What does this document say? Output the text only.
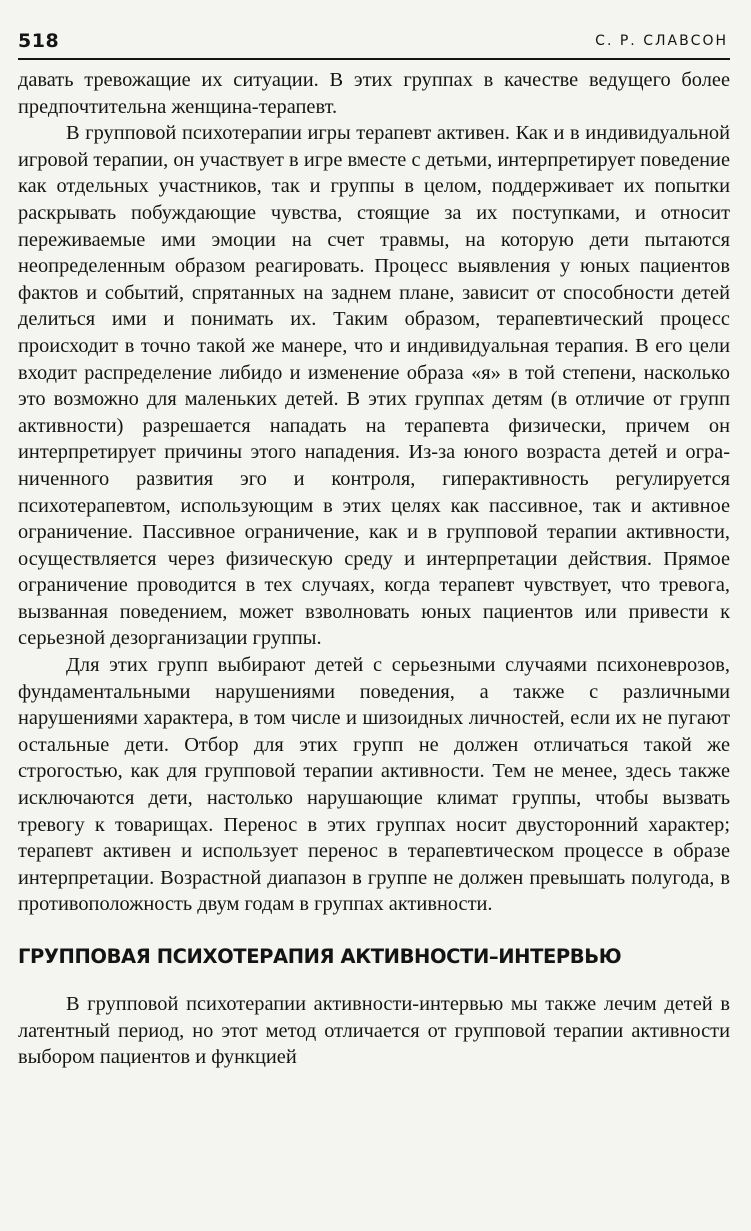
518	С. Р. СЛАВСОН

давать тревожащие их ситуации. В этих группах в качестве ведущего более предпочтительна женщина-терапевт.

В групповой психотерапии игры терапевт активен. Как и в индивидуальной игровой терапии, он участвует в игре вместе с детьми, интерпретирует поведение как отдельных участников, так и группы в целом, поддерживает их попытки раскрывать побуждающие чувства, стоящие за их поступками, и относит переживаемые ими эмоции на счет травмы, на которую дети пытаются неопределенным образом реагировать. Процесс выявления у юных пациентов фактов и событий, спрятанных на заднем плане, зависит от способности детей делиться ими и понимать их. Таким образом, терапевтический процесс происходит в точно такой же манере, что и индивидуальная терапия. В его цели входит распределение либидо и изменение образа «я» в той степени, насколько это возможно для маленьких детей. В этих группах детям (в отличие от групп активности) разрешается нападать на терапевта физически, причем он интерпретирует причины этого нападения. Из-за юного возраста детей и ограниченного развития эго и контроля, гиперактивность регулируется психотерапевтом, использующим в этих целях как пассивное, так и активное ограничение. Пассивное ограничение, как и в групповой терапии активности, осуществляется через физическую среду и интерпретации действия. Прямое ограничение проводится в тех случаях, когда терапевт чувствует, что тревога, вызванная поведением, может взволновать юных пациентов или привести к серьезной дезорганизации группы.

Для этих групп выбирают детей с серьезными случаями психоневрозов, фундаментальными нарушениями поведения, а также с различными нарушениями характера, в том числе и шизоидных личностей, если их не пугают остальные дети. Отбор для этих групп не должен отличаться такой же строгостью, как для групповой терапии активности. Тем не менее, здесь также исключаются дети, настолько нарушающие климат группы, чтобы вызвать тревогу к товарищах. Перенос в этих группах носит двусторонний характер; терапевт активен и использует перенос в терапевтическом процессе в образе интерпретации. Возрастной диапазон в группе не должен превышать полугода, в противоположность двум годам в группах активности.

ГРУППОВАЯ ПСИХОТЕРАПИЯ АКТИВНОСТИ–ИНТЕРВЬЮ

В групповой психотерапии активности-интервью мы также лечим детей в латентный период, но этот метод отличается от групповой терапии активности выбором пациентов и функцией
